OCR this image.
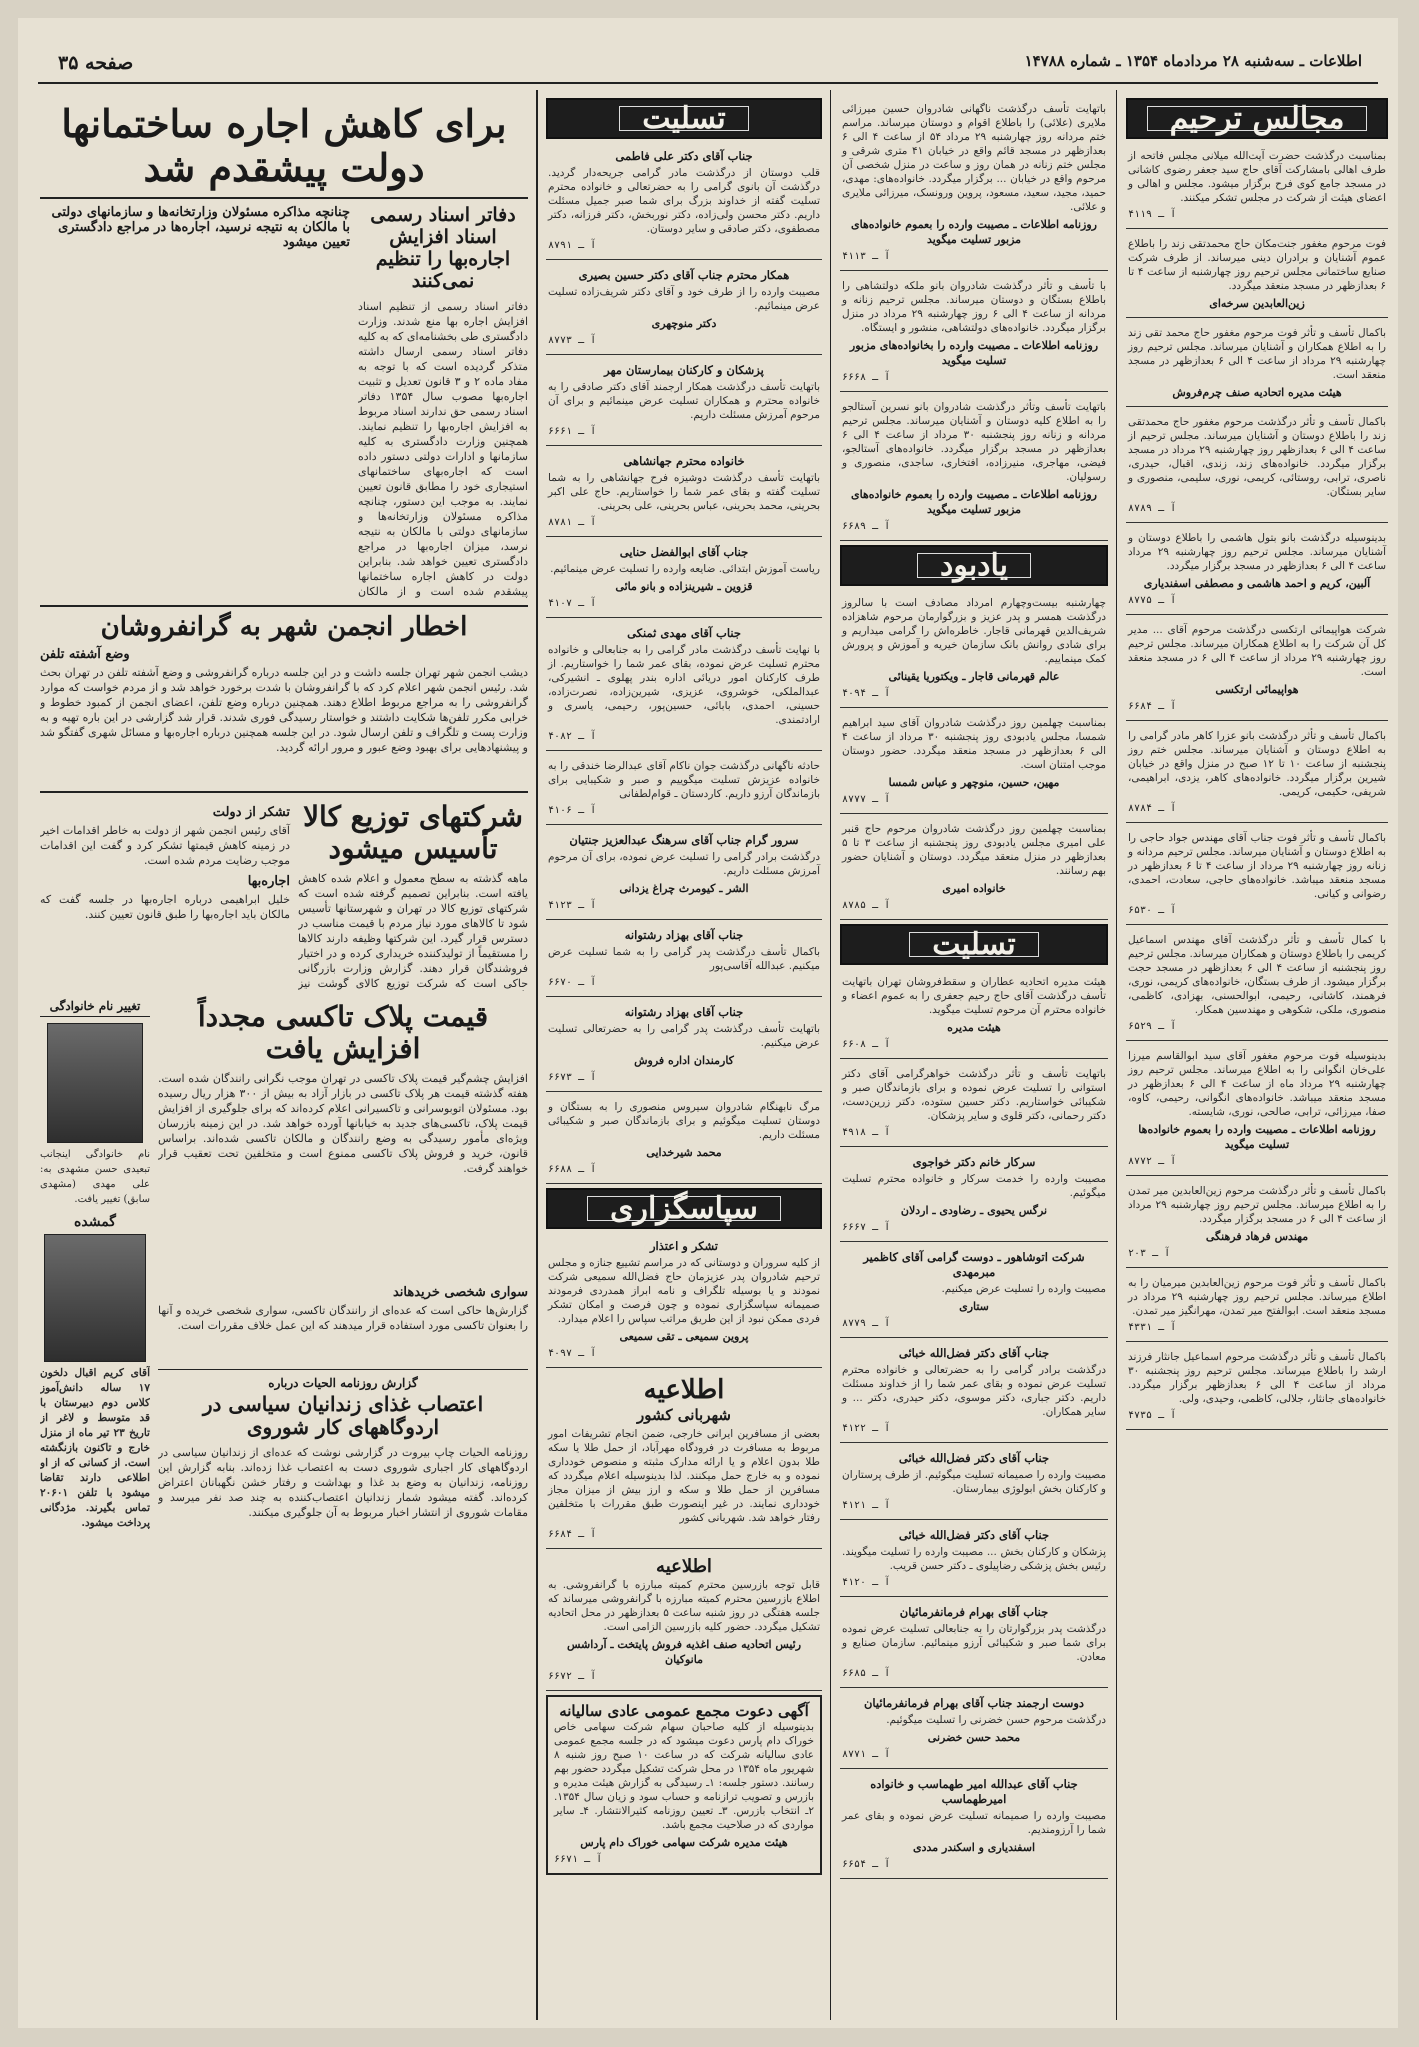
صفحه ۳۵	اطلاعات ـ سه‌شنبه ۲۸ مردادماه ۱۳۵۴ ـ شماره ۱۴۷۸۸
مجالس ترحیم
بمناسبت درگذشت حضرت آیت‌الله میلانی مجلس فاتحه از طرف اهالی بامشارکت آقای حاج سید جعفر رضوی کاشانی در مسجد جامع کوی فرح برگزار میشود. مجلس و اهالی و اعضای هیئت از شرکت در مجلس تشکر میکنند.
آ ـ ۴۱۱۹
فوت مرحوم مغفور جنت‌مکان حاج محمدتقی زند را باطلاع عموم آشنایان و برادران دینی میرساند. از طرف شرکت صنایع ساختمانی مجلس ترحیم روز چهارشنبه از ساعت ۴ تا ۶ بعدازظهر در مسجد منعقد میگردد.
زین‌العابدین سرخه‌ای
باکمال تأسف و تأثر فوت مرحوم مغفور حاج محمد تقی زند را به اطلاع همکاران و آشنایان میرساند. مجلس ترحیم روز چهارشنبه ۲۹ مرداد از ساعت ۴ الی ۶ بعدازظهر در مسجد منعقد است.
هیئت مدیره اتحادیه صنف چرم‌فروش
باکمال تأسف و تأثر درگذشت مرحوم مغفور حاج محمدتقی زند را باطلاع دوستان و آشنایان میرساند. مجلس ترحیم از ساعت ۴ الی ۶ بعدازظهر روز چهارشنبه ۲۹ مرداد در مسجد برگزار میگردد. خانواده‌های زند، زندی، اقبال، حیدری، ناصری، ترابی، روستائی، کریمی، نوری، سلیمی، منصوری و سایر بستگان.
آ ـ ۸۷۸۹
بدینوسیله درگذشت بانو بتول هاشمی را باطلاع دوستان و آشنایان میرساند. مجلس ترحیم روز چهارشنبه ۲۹ مرداد ساعت ۴ الی ۶ بعدازظهر در مسجد برگزار میگردد.
آلبین، کریم و احمد هاشمی و مصطفی اسفندیاری
آ ـ ۸۷۷۵
شرکت هواپیمائی ارتکسی درگذشت مرحوم آقای ... مدیر کل آن شرکت را به اطلاع همکاران میرساند. مجلس ترحیم روز چهارشنبه ۲۹ مرداد از ساعت ۴ الی ۶ در مسجد منعقد است.
هواپیمائی ارتکسی
آ ـ ۶۶۸۴
باکمال تأسف و تأثر درگذشت بانو عزرا کاهر مادر گرامی را به اطلاع دوستان و آشنایان میرساند. مجلس ختم روز پنجشنبه از ساعت ۱۰ تا ۱۲ صبح در منزل واقع در خیابان شیرین برگزار میگردد. خانواده‌های کاهر، یزدی، ابراهیمی، شریفی، حکیمی، کریمی.
آ ـ ۸۷۸۴
باکمال تأسف و تأثر فوت جناب آقای مهندس جواد حاجی را به اطلاع دوستان و آشنایان میرساند. مجلس ترحیم مردانه و زنانه روز چهارشنبه ۲۹ مرداد از ساعت ۴ تا ۶ بعدازظهر در مسجد منعقد میباشد. خانواده‌های حاجی، سعادت، احمدی، رضوانی و کیانی.
آ ـ ۶۵۳۰
با کمال تأسف و تأثر درگذشت آقای مهندس اسماعیل کریمی را باطلاع دوستان و همکاران میرساند. مجلس ترحیم روز پنجشنبه از ساعت ۴ الی ۶ بعدازظهر در مسجد حجت برگزار میشود. از طرف بستگان، خانواده‌های کریمی، نوری، فرهمند، کاشانی، رحیمی، ابوالحسنی، بهزادی، کاظمی، منصوری، ملکی، شکوهی و مهندسین همکار.
آ ـ ۶۵۲۹
بدینوسیله فوت مرحوم مغفور آقای سید ابوالقاسم میرزا علی‌خان انگوانی را به اطلاع میرساند. مجلس ترحیم روز چهارشنبه ۲۹ مرداد ماه از ساعت ۴ الی ۶ بعدازظهر در مسجد منعقد میباشد. خانواده‌های انگوانی، رحیمی، کاوه، صفا، میرزائی، ترابی، صالحی، نوری، شایسته.
روزنامه اطلاعات ـ مصیبت وارده را بعموم خانواده‌ها تسلیت میگوید
آ ـ ۸۷۷۲
باکمال تأسف و تأثر درگذشت مرحوم زین‌العابدین میر تمدن را به اطلاع میرساند. مجلس ترحیم روز چهارشنبه ۲۹ مرداد از ساعت ۴ الی ۶ در مسجد برگزار میگردد.
مهندس فرهاد فرهنگی
آ ـ ۲۰۳
باکمال تأسف و تأثر فوت مرحوم زین‌العابدین میرمیان را به اطلاع میرساند. مجلس ترحیم روز چهارشنبه ۲۹ مرداد در مسجد منعقد است. ابوالفتح میر تمدن، مهرانگیز میر تمدن.
آ ـ ۴۳۳۱
باکمال تأسف و تأثر درگذشت مرحوم اسماعیل جانثار فرزند ارشد را باطلاع میرساند. مجلس ترحیم روز پنجشنبه ۳۰ مرداد از ساعت ۴ الی ۶ بعدازظهر برگزار میگردد. خانواده‌های جانثار، جلالی، کاظمی، وحیدی، ولی.
آ ـ ۴۷۳۵
باتهایت تأسف درگذشت ناگهانی شادروان حسین میرزائی ملایری (علائی) را باطلاع اقوام و دوستان میرساند. مراسم ختم مردانه روز چهارشنبه ۲۹ مرداد ۵۴ از ساعت ۴ الی ۶ بعدازظهر در مسجد قائم واقع در خیابان ۴۱ متری شرقی و مجلس ختم زنانه در همان روز و ساعت در منزل شخصی آن مرحوم واقع در خیابان ... برگزار میگردد. خانواده‌های: مهدی، حمید، مجید، سعید، مسعود، پروین ورونسک، میرزائی ملایری و علائی.
روزنامه اطلاعات ـ مصیبت وارده را بعموم خانواده‌های مزبور تسلیت میگوید
آ ـ ۴۱۱۳
با تأسف و تأثر درگذشت شادروان بانو ملکه دولتشاهی را باطلاع بستگان و دوستان میرساند. مجلس ترحیم زنانه و مردانه از ساعت ۴ الی ۶ روز چهارشنبه ۲۹ مرداد در منزل برگزار میگردد. خانواده‌های دولتشاهی، منشور و ایستگاه.
روزنامه اطلاعات ـ مصیبت وارده را بخانواده‌های مزبور تسلیت میگوید
آ ـ ۶۶۶۸
باتهایت تأسف وتأثر درگذشت شادروان بانو نسرین آستالجو را به اطلاع کلیه دوستان و آشنایان میرساند. مجلس ترحیم مردانه و زنانه روز پنجشنبه ۳۰ مرداد از ساعت ۴ الی ۶ بعدازظهر در مسجد برگزار میگردد. خانواده‌های آستالجو، فیضی، مهاجری، منیرزاده، افتخاری، ساجدی، منصوری و رسولیان.
روزنامه اطلاعات ـ مصیبت وارده را بعموم خانواده‌های مزبور تسلیت میگوید
آ ـ ۶۶۸۹
یادبود
چهارشنبه بیست‌وچهارم امرداد مصادف است با سالروز درگذشت همسر و پدر عزیز و بزرگوارمان مرحوم شاهزاده شریف‌الدین قهرمانی قاجار. خاطره‌اش را گرامی میداریم و برای شادی روانش بانک سازمان خیریه و آموزش و پرورش کمک مینماییم.
عالم قهرمانی قاجار ـ ویکتوریا یقینائی
آ ـ ۴۰۹۴
بمناسبت چهلمین روز درگذشت شادروان آقای سید ابراهیم شمسا، مجلس یادبودی روز پنجشنبه ۳۰ مرداد از ساعت ۴ الی ۶ بعدازظهر در مسجد منعقد میگردد. حضور دوستان موجب امتنان است.
مهین، حسین، منوچهر و عباس شمسا
آ ـ ۸۷۷۷
بمناسبت چهلمین روز درگذشت شادروان مرحوم حاج قنبر علی امیری مجلس یادبودی روز پنجشنبه از ساعت ۳ تا ۵ بعدازظهر در منزل منعقد میگردد. دوستان و آشنایان حضور بهم رسانند.
خانواده امیری
آ ـ ۸۷۸۵
تسلیت
هیئت مدیره اتحادیه عطاران و سقط‌فروشان تهران باتهایت تأسف درگذشت آقای حاج رحیم جعفری را به عموم اعضاء و خانواده محترم آن مرحوم تسلیت میگوید.
هیئت مدیره
آ ـ ۶۶۰۸
باتهایت تأسف و تأثر درگذشت خواهرگرامی آقای دکتر استوانی را تسلیت عرض نموده و برای بازماندگان صبر و شکیبائی خواستاریم. دکتر حسین ستوده، دکتر زرین‌دست، دکتر رحمانی، دکتر قلوی و سایر پزشکان.
آ ـ ۴۹۱۸
سرکار خانم دکتر خواجوی
مصیبت وارده را خدمت سرکار و خانواده محترم تسلیت میگوئیم.
نرگس یحیوی ـ رضاودی ـ اردلان
آ ـ ۶۶۶۷
شرکت اتوشاهور ـ دوست گرامی آقای کاظمیر مبرمهدی
مصیبت وارده را تسلیت عرض میکنیم.
ستاری
آ ـ ۸۷۷۹
جناب آقای دکتر فضل‌الله خبائی
درگذشت برادر گرامی را به حضرتعالی و خانواده محترم تسلیت عرض نموده و بقای عمر شما را از خداوند مسئلت داریم. دکتر جباری، دکتر موسوی، دکتر حیدری، دکتر ... و سایر همکاران.
آ ـ ۴۱۲۲
جناب آقای دکتر فضل‌الله خبائی
مصیبت وارده را صمیمانه تسلیت میگوئیم. از طرف پرستاران و کارکنان بخش ابولوژی بیمارستان.
آ ـ ۴۱۲۱
جناب آقای دکتر فضل‌الله خبائی
پزشکان و کارکنان بخش ... مصیبت وارده را تسلیت میگویند. رئیس بخش پزشکی رضاپیلوی ـ دکتر حسن قریب.
آ ـ ۴۱۲۰
جناب آقای بهرام فرمانفرمائیان
درگذشت پدر بزرگوارتان را به جنابعالی تسلیت عرض نموده برای شما صبر و شکیبائی آرزو مینمائیم. سازمان صنایع و معادن.
آ ـ ۶۶۸۵
دوست ارجمند جناب آقای بهرام فرمانفرمائیان
درگذشت مرحوم حسن خضرنی را تسلیت میگوئیم.
محمد حسن خضرنی
آ ـ ۸۷۷۱
جناب آقای عبدالله امیر طهماسب و خانواده امیرطهماسب
مصیبت وارده را صمیمانه تسلیت عرض نموده و بقای عمر شما را آرزومندیم.
اسفندیاری و اسکندر مددی
آ ـ ۶۶۵۴
تسلیت
جناب آقای دکتر علی فاطمی
قلب دوستان از درگذشت مادر گرامی جریحه‌دار گردید. درگذشت آن بانوی گرامی را به حضرتعالی و خانواده محترم تسلیت گفته از خداوند بزرگ برای شما صبر جمیل مسئلت داریم. دکتر محسن ولی‌زاده، دکتر نوربخش، دکتر فرزانه، دکتر مصطفوی، دکتر صادقی و سایر دوستان.
آ ـ ۸۷۹۱
همکار محترم جناب آقای دکتر حسین بصیری
مصیبت وارده را از طرف خود و آقای دکتر شریف‌زاده تسلیت عرض مینمائیم.
دکتر منوچهری
آ ـ ۸۷۷۳
پزشکان و کارکنان بیمارستان مهر
باتهایت تأسف درگذشت همکار ارجمند آقای دکتر صادقی را به خانواده محترم و همکاران تسلیت عرض مینمائیم و برای آن مرحوم آمرزش مسئلت داریم.
آ ـ ۶۶۶۱
خانواده محترم جهانشاهی
باتهایت تأسف درگذشت دوشیزه فرح جهانشاهی را به شما تسلیت گفته و بقای عمر شما را خواستاریم. حاج علی اکبر بحرینی، محمد بحرینی، عباس بحرینی، علی بحرینی.
آ ـ ۸۷۸۱
جناب آقای ابوالفضل حنایی
ریاست آموزش ابتدائی. ضایعه وارده را تسلیت عرض مینمائیم.
قزوین ـ شیرینزاده و بانو مائی
آ ـ ۴۱۰۷
جناب آقای مهدی ثمنکی
با نهایت تأسف درگذشت مادر گرامی را به جنابعالی و خانواده محترم تسلیت عرض نموده، بقای عمر شما را خواستاریم. از طرف کارکنان امور دریائی اداره بندر پهلوی ـ انشیرکی، عبدالملکی، خوشروی، عزیزی، شیرین‌زاده، نصرت‌زاده، حسینی، احمدی، بابائی، حسین‌پور، رحیمی، یاسری و ارادتمندی.
آ ـ ۴۰۸۲
حادثه ناگهانی درگذشت جوان ناکام آقای عبدالرضا خندقی را به خانواده عزیزش تسلیت میگوییم و صبر و شکیبایی برای بازماندگان آرزو داریم. کاردستان ـ قوام‌لطفانی
آ ـ ۴۱۰۶
سرور گرام جناب آقای سرهنگ عبدالعزیز جنتیان
درگذشت برادر گرامی را تسلیت عرض نموده، برای آن مرحوم آمرزش مسئلت داریم.
الشر ـ کیومرث چراغ یزدانی
آ ـ ۴۱۲۳
جناب آقای بهزاد رشتوانه
باکمال تأسف درگذشت پدر گرامی را به شما تسلیت عرض میکنیم. عبدالله آقاسی‌پور
آ ـ ۶۶۷۰
جناب آقای بهزاد رشتوانه
باتهایت تأسف درگذشت پدر گرامی را به حضرتعالی تسلیت عرض میکنیم.
کارمندان اداره فروش
آ ـ ۶۶۷۳
مرگ نابهنگام شادروان سیروس منصوری را به بستگان و دوستان تسلیت میگوئیم و برای بازماندگان صبر و شکیبائی مسئلت داریم.
محمد شیرخدایی
آ ـ ۶۶۸۸
سپاسگزاری
تشکر و اعتذار
از کلیه سروران و دوستانی که در مراسم تشییع جنازه و مجلس ترحیم شادروان پدر عزیزمان حاج فضل‌الله سمیعی شرکت نمودند و یا بوسیله تلگراف و نامه ابراز همدردی فرمودند صمیمانه سپاسگزاری نموده و چون فرصت و امکان تشکر فردی ممکن نبود از این طریق مراتب سپاس را اعلام میدارد.
پروین سمیعی ـ تقی سمیعی
آ ـ ۴۰۹۷
اطلاعیه
شهربانی کشور
بعضی از مسافرین ایرانی خارجی، ضمن انجام تشریفات امور مربوط به مسافرت در فرودگاه مهرآباد، از حمل طلا یا سکه طلا بدون اعلام و یا ارائه مدارک مثبته و منصوص خودداری نموده و به خارج حمل میکنند. لذا بدینوسیله اعلام میگردد که مسافرین از حمل طلا و سکه و ارز بیش از میزان مجاز خودداری نمایند. در غیر اینصورت طبق مقررات با متخلفین رفتار خواهد شد. شهربانی کشور
آ ـ ۶۶۸۴
اطلاعیه
قابل توجه بازرسین محترم کمیته مبارزه با گرانفروشی. به اطلاع بازرسین محترم کمیته مبارزه با گرانفروشی میرساند که جلسه هفتگی در روز شنبه ساعت ۵ بعدازظهر در محل اتحادیه تشکیل میگردد. حضور کلیه بازرسین الزامی است.
رئیس اتحادیه صنف اغذیه فروش پایتخت ـ آرداشس مانوکیان
آ ـ ۶۶۷۲
آگهی دعوت مجمع عمومی عادی سالیانه
بدینوسیله از کلیه صاحبان سهام شرکت سهامی خاص خوراک دام پارس دعوت میشود که در جلسه مجمع عمومی عادی سالیانه شرکت که در ساعت ۱۰ صبح روز شنبه ۸ شهریور ماه ۱۳۵۴ در محل شرکت تشکیل میگردد حضور بهم رسانند. دستور جلسه: ۱ـ رسیدگی به گزارش هیئت مدیره و بازرس و تصویب ترازنامه و حساب سود و زیان سال ۱۳۵۴. ۲ـ انتخاب بازرس. ۳ـ تعیین روزنامه کثیرالانتشار. ۴ـ سایر مواردی که در صلاحیت مجمع باشد.
هیئت مدیره شرکت سهامی خوراک دام پارس
آ ـ ۶۶۷۱
برای کاهش اجاره ساختمانها دولت پیشقدم شد
دفاتر اسناد رسمی اسناد افزایش اجاره‌بها را تنظیم نمی‌کنند
دفاتر اسناد رسمی از تنظیم اسناد افزایش اجاره بها منع شدند. وزارت دادگستری طی بخشنامه‌ای که به کلیه دفاتر اسناد رسمی ارسال داشته متذکر گردیده است که با توجه به مفاد ماده ۲ و ۳ قانون تعدیل و تثبیت اجاره‌بها مصوب سال ۱۳۵۴ دفاتر اسناد رسمی حق ندارند اسناد مربوط به افزایش اجاره‌بها را تنظیم نمایند. همچنین وزارت دادگستری به کلیه سازمانها و ادارات دولتی دستور داده است که اجاره‌بهای ساختمانهای استیجاری خود را مطابق قانون تعیین نمایند. به موجب این دستور، چنانچه مذاکره مسئولان وزارتخانه‌ها و سازمانهای دولتی با مالکان به نتیجه نرسد، میزان اجاره‌بها در مراجع دادگستری تعیین خواهد شد. بنابراین دولت در کاهش اجاره ساختمانها پیشقدم شده است و از مالکان
چنانچه مذاکره مسئولان وزارتخانه‌ها و سازمانهای دولتی با مالکان به نتیجه نرسید، اجاره‌ها در مراجع دادگستری تعیین میشود
اخطار انجمن شهر به گرانفروشان
وضع آشفته تلفن
دیشب انجمن شهر تهران جلسه داشت و در این جلسه درباره گرانفروشی و وضع آشفته تلفن در تهران بحث شد. رئیس انجمن شهر اعلام کرد که با گرانفروشان با شدت برخورد خواهد شد و از مردم خواست که موارد گرانفروشی را به مراجع مربوط اطلاع دهند. همچنین درباره وضع تلفن، اعضای انجمن از کمبود خطوط و خرابی مکرر تلفن‌ها شکایت داشتند و خواستار رسیدگی فوری شدند. قرار شد گزارشی در این باره تهیه و به وزارت پست و تلگراف و تلفن ارسال شود. در این جلسه همچنین درباره اجاره‌بها و مسائل شهری گفتگو شد و پیشنهادهایی برای بهبود وضع عبور و مرور ارائه گردید.
شرکتهای توزیع کالا تأسیس میشود
ماهه گذشته به سطح معمول و اعلام شده کاهش یافته است. بنابراین تصمیم گرفته شده است که شرکتهای توزیع کالا در تهران و شهرستانها تأسیس شود تا کالاهای مورد نیاز مردم با قیمت مناسب در دسترس قرار گیرد. این شرکتها وظیفه دارند کالاها را مستقیماً از تولیدکننده خریداری کرده و در اختیار فروشندگان قرار دهند. گزارش وزارت بازرگانی حاکی است که شرکت توزیع کالای گوشت نیز
تشکر از دولت
آقای رئیس انجمن شهر از دولت به خاطر اقدامات اخیر در زمینه کاهش قیمتها تشکر کرد و گفت این اقدامات موجب رضایت مردم شده است.
اجاره‌بها
خلیل ابراهیمی درباره اجاره‌بها در جلسه گفت که مالکان باید اجاره‌بها را طبق قانون تعیین کنند.
قیمت پلاک تاکسی مجدداً افزایش یافت
افزایش چشم‌گیر قیمت پلاک تاکسی در تهران موجب نگرانی رانندگان شده است. هفته گذشته قیمت هر پلاک تاکسی در بازار آزاد به بیش از ۳۰۰ هزار ریال رسیده بود. مسئولان اتوبوسرانی و تاکسیرانی اعلام کرده‌اند که برای جلوگیری از افزایش قیمت پلاک، تاکسی‌های جدید به خیابانها آورده خواهد شد. در این زمینه بازرسان ویژه‌ای مأمور رسیدگی به وضع رانندگان و مالکان تاکسی شده‌اند. براساس قانون، خرید و فروش پلاک تاکسی ممنوع است و متخلفین تحت تعقیب قرار خواهند گرفت.
سواری شخصی خریدهاند
گزارش‌ها حاکی است که عده‌ای از رانندگان تاکسی، سواری شخصی خریده و آنها را بعنوان تاکسی مورد استفاده قرار میدهند که این عمل خلاف مقررات است.
گزارش روزنامه الحیات درباره
اعتصاب غذای زندانیان سیاسی در اردوگاههای کار شوروی
روزنامه الحیات چاپ بیروت در گزارشی نوشت که عده‌ای از زندانیان سیاسی در اردوگاههای کار اجباری شوروی دست به اعتصاب غذا زده‌اند. بنابه گزارش این روزنامه، زندانیان به وضع بد غذا و بهداشت و رفتار خشن نگهبانان اعتراض کرده‌اند. گفته میشود شمار زندانیان اعتصاب‌کننده به چند صد نفر میرسد و مقامات شوروی از انتشار اخبار مربوط به آن جلوگیری میکنند.
تغییر نام خانوادگی
نام خانوادگی اینجانب تبعیدی حسن مشهدی به: علی مهدی (مشهدی سابق) تغییر یافت.
گمشده
آقای کریم اقبال دلخون ۱۷ ساله دانش‌آموز کلاس دوم دبیرستان با قد متوسط و لاغر از تاریخ ۲۳ تیر ماه از منزل خارج و تاکنون بازنگشته است. از کسانی که از او اطلاعی دارند تقاضا میشود با تلفن ۲۰۶۰۱ تماس بگیرند. مژدگانی پرداخت میشود.
